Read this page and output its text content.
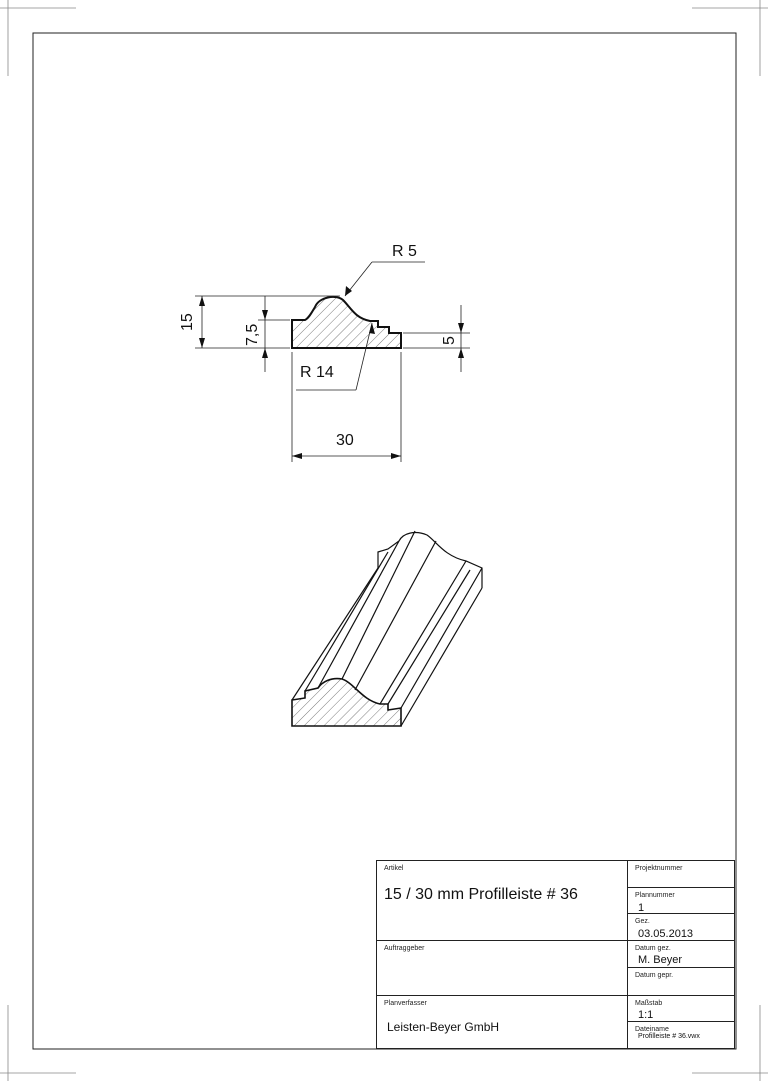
R 5
R 14
15
7,5	5
30
Artikel
15 / 30 mm Profilleiste # 36
Auftraggeber
Planverfasser
Leisten-Beyer GmbH
Projektnummer
Plannummer
1
Gez.
03.05.2013
Datum gez.
M. Beyer
Datum gepr.
Maßstab
1:1
Dateiname
Profilleiste # 36.vwx
